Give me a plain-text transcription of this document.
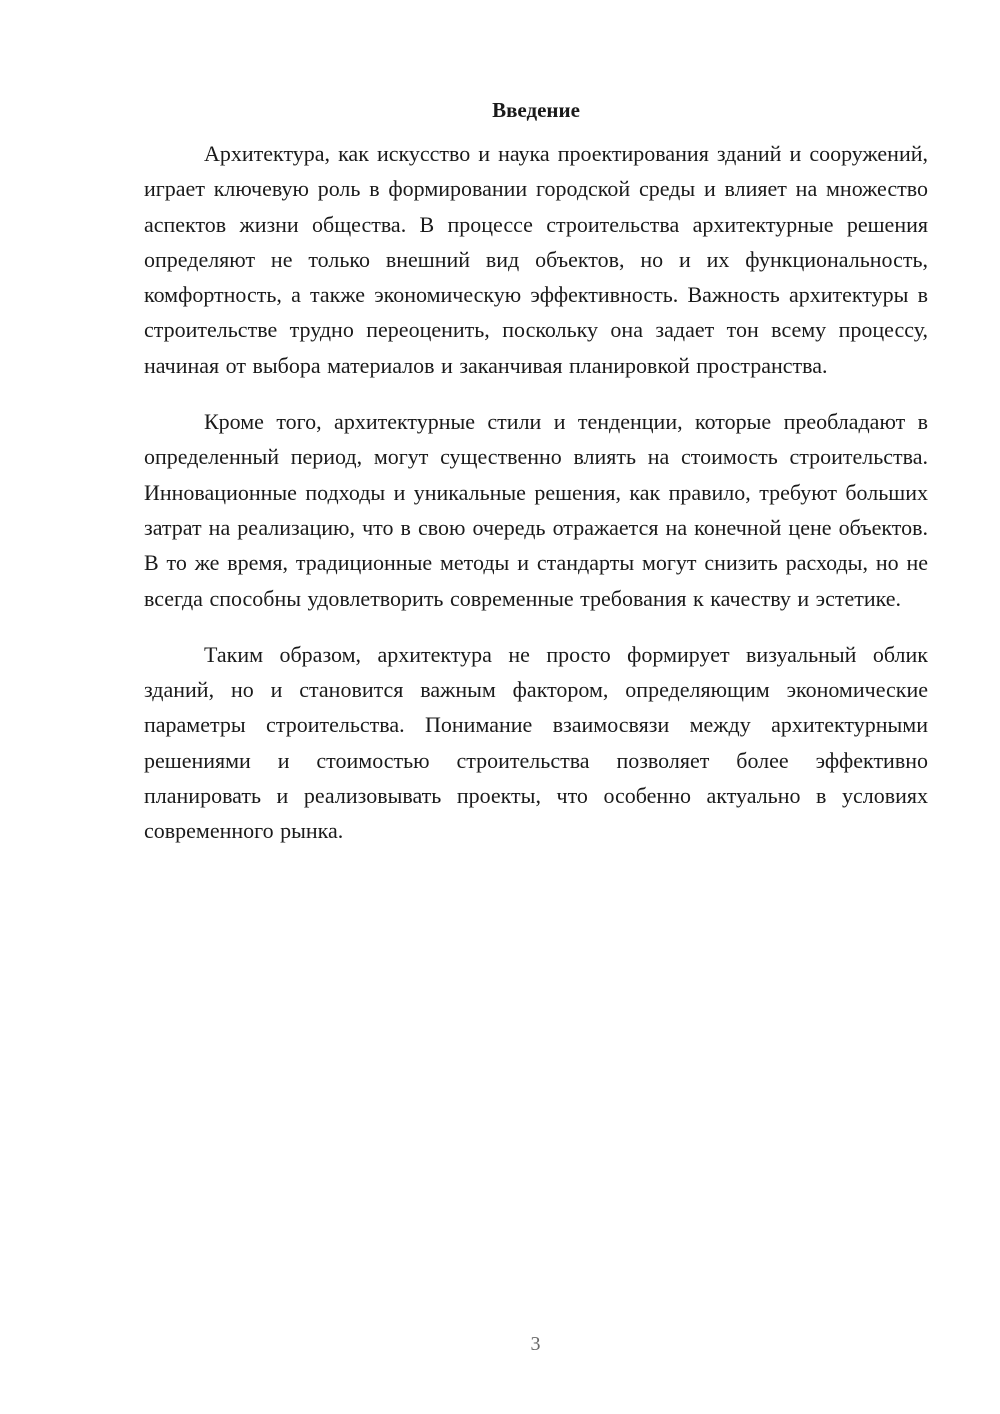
Введение

Архитектура, как искусство и наука проектирования зданий и сооружений, играет ключевую роль в формировании городской среды и влияет на множество аспектов жизни общества. В процессе строительства архитектурные решения определяют не только внешний вид объектов, но и их функциональность, комфортность, а также экономическую эффективность. Важность архитектуры в строительстве трудно переоценить, поскольку она задает тон всему процессу, начиная от выбора материалов и заканчивая планировкой пространства.

Кроме того, архитектурные стили и тенденции, которые преобладают в определенный период, могут существенно влиять на стоимость строительства. Инновационные подходы и уникальные решения, как правило, требуют больших затрат на реализацию, что в свою очередь отражается на конечной цене объектов. В то же время, традиционные методы и стандарты могут снизить расходы, но не всегда способны удовлетворить современные требования к качеству и эстетике.

Таким образом, архитектура не просто формирует визуальный облик зданий, но и становится важным фактором, определяющим экономические параметры строительства. Понимание взаимосвязи между архитектурными решениями и стоимостью строительства позволяет более эффективно планировать и реализовывать проекты, что особенно актуально в условиях современного рынка.

3
